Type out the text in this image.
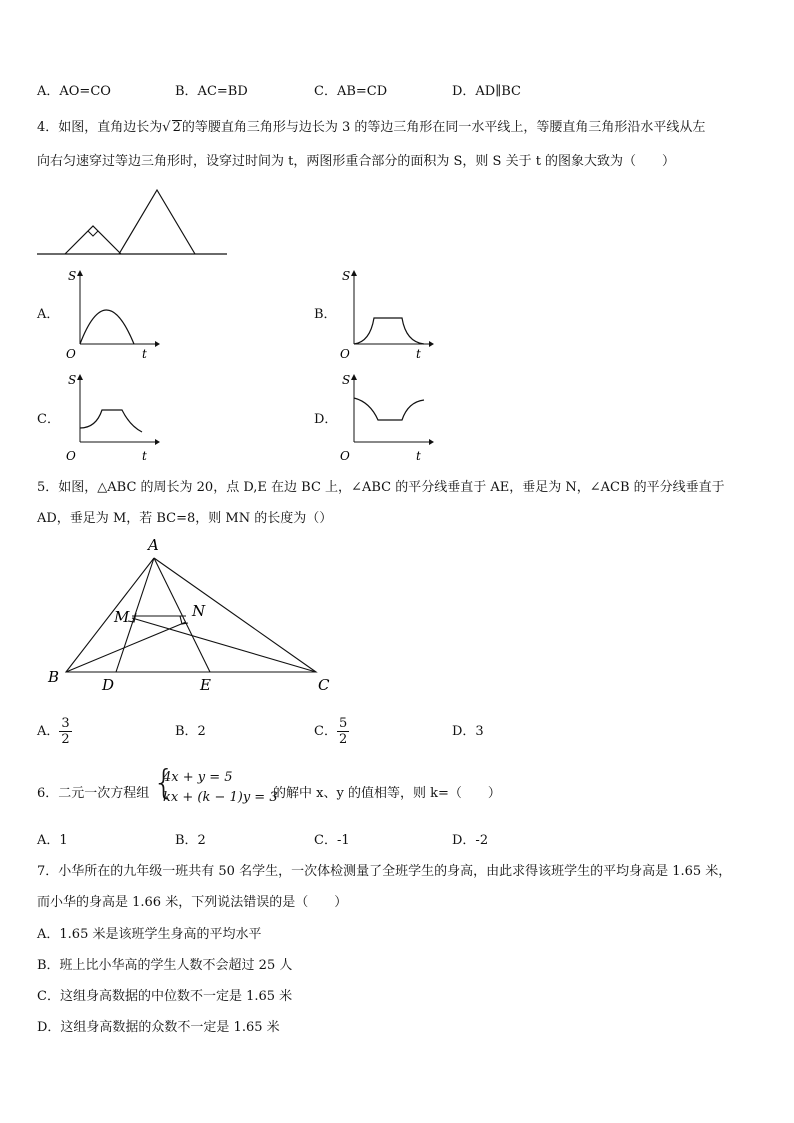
A．AO=CO	B．AC=BD	C．AB=CD	D．AD∥BC
4．如图，直角边长为√ 2的等腰直角三角形与边长为 3 的等边三角形在同一水平线上，等腰直角三角形沿水平线从左
向右匀速穿过等边三角形时，设穿过时间为 t，两图形重合部分的面积为 S，则 S 关于 t 的图象大致为（　　）
A．
S
O	t
B．
S
O	t
C．
S
O	t
D．
S
O	t
5．如图，△ABC 的周长为 20，点 D,E 在边 BC 上，∠ABC 的平分线垂直于 AE，垂足为 N，∠ACB 的平分线垂直于
AD，垂足为 M，若 BC=8，则 MN 的长度为（）
A
B	C
D	E
M	N
A． $\frac{3}{2}$	B．2	C． $\frac{5}{2}$	D．3
6．二元一次方程组 {
4x + y = 5
kx + (k − 1)y = 3
的解中 x、y 的值相等，则 k=（　　）
A．1	B．2	C．-1	D．-2
7．小华所在的九年级一班共有 50 名学生，一次体检测量了全班学生的身高，由此求得该班学生的平均身高是 1.65 米，
而小华的身高是 1.66 米，下列说法错误的是（　　）
A．1.65 米是该班学生身高的平均水平
B．班上比小华高的学生人数不会超过 25 人
C．这组身高数据的中位数不一定是 1.65 米
D．这组身高数据的众数不一定是 1.65 米
